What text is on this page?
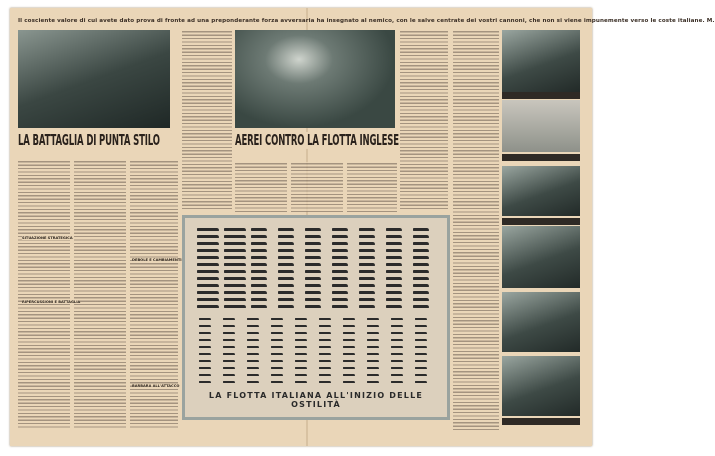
Il cosciente valore di cui avete dato prova di fronte ad una preponderante forza avversaria ha insegnato al nemico, con le salve centrate dei vostri cannoni, che non si viene impunemente verso le coste italiane. M.
LA BATTAGLIA DI PUNTA STILO	AEREI CONTRO LA FLOTTA INGLESE
SITUAZIONE STRATEGICA
RIPERCUSSIONI E BATTAGLIA
DEBOLE E CAMBIAMENTI
BARBARA ALL'ATTACCO
LA FLOTTA ITALIANA ALL'INIZIO DELLE OSTILITÀ
